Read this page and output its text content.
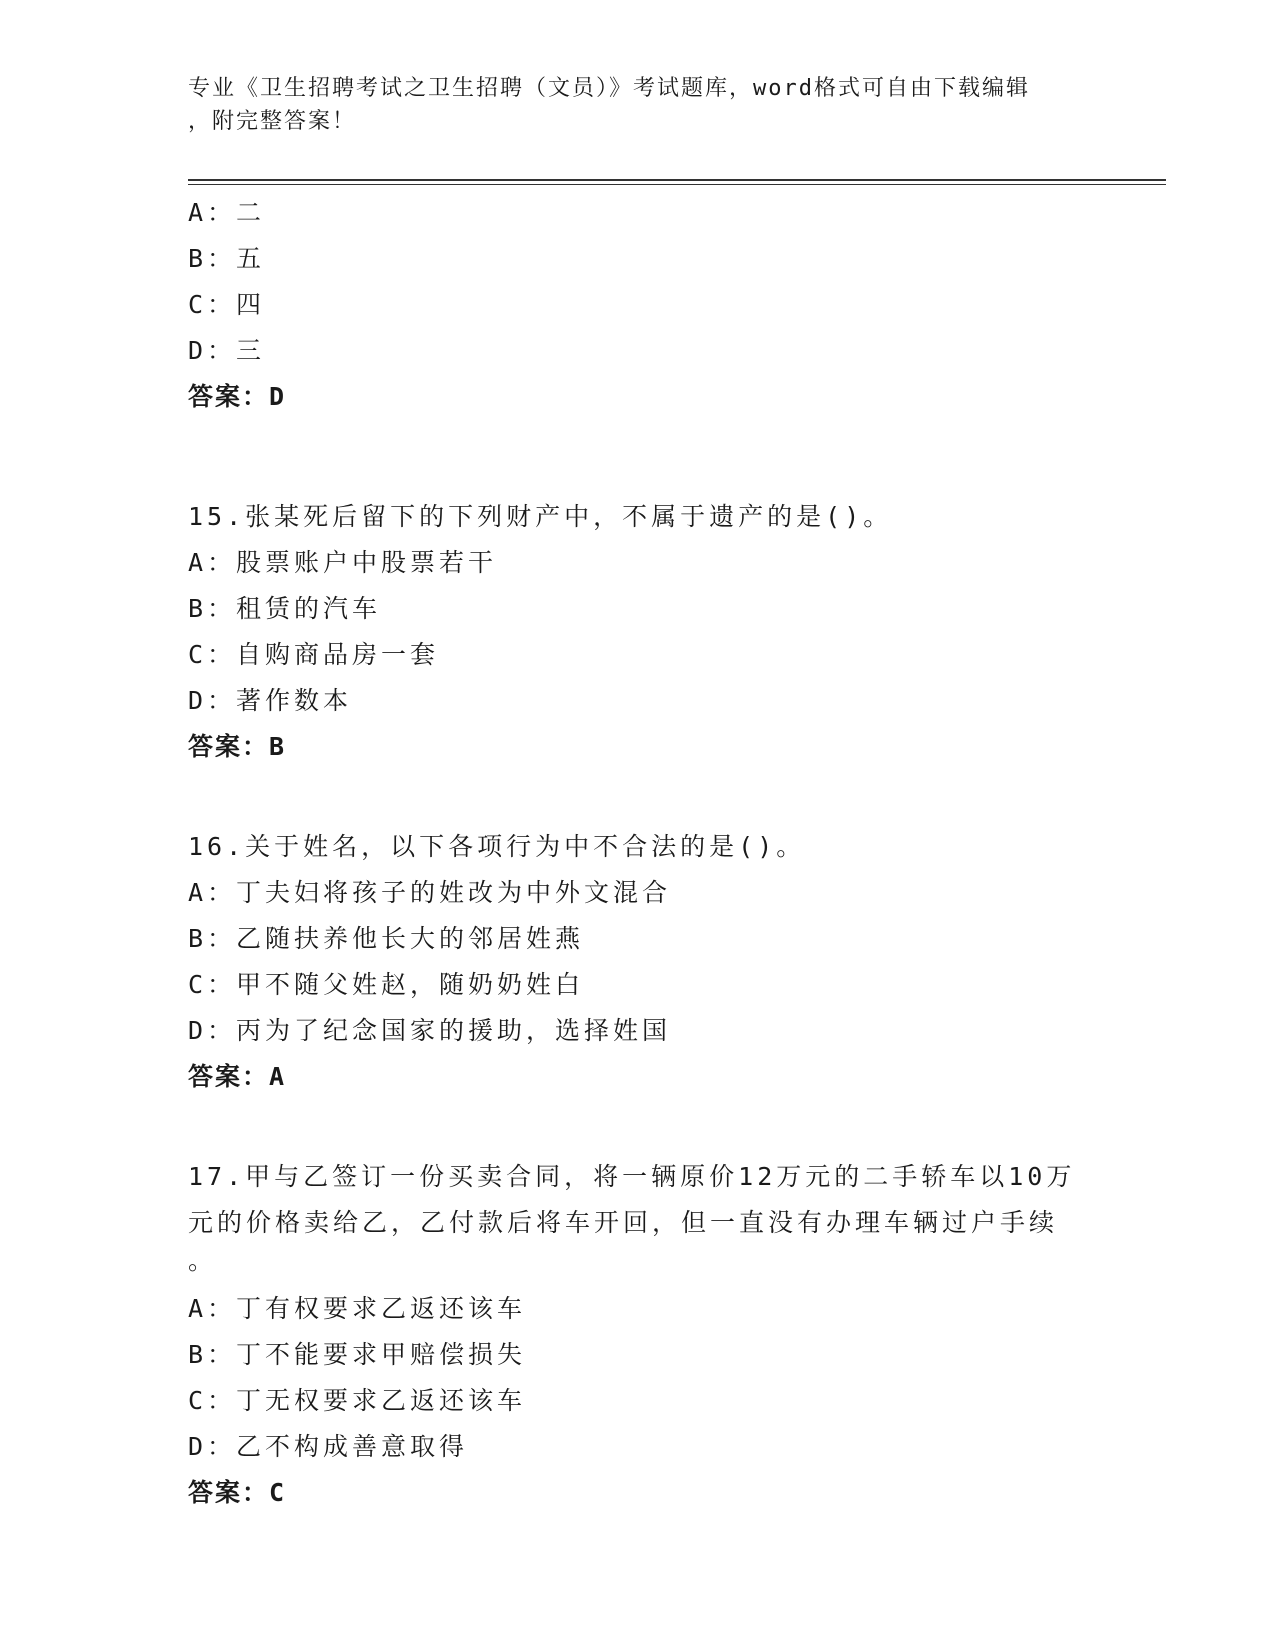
专业《卫生招聘考试之卫生招聘（文员）》考试题库，word格式可自由下载编辑
，附完整答案！
A：二
B：五
C：四
D：三
答案：D
15.张某死后留下的下列财产中，不属于遗产的是()。
A：股票账户中股票若干
B：租赁的汽车
C：自购商品房一套
D：著作数本
答案：B
16.关于姓名，以下各项行为中不合法的是()。
A：丁夫妇将孩子的姓改为中外文混合
B：乙随扶养他长大的邻居姓燕
C：甲不随父姓赵，随奶奶姓白
D：丙为了纪念国家的援助，选择姓国
答案：A
17.甲与乙签订一份买卖合同，将一辆原价12万元的二手轿车以10万
元的价格卖给乙，乙付款后将车开回，但一直没有办理车辆过户手续
。
A：丁有权要求乙返还该车
B：丁不能要求甲赔偿损失
C：丁无权要求乙返还该车
D：乙不构成善意取得
答案：C
